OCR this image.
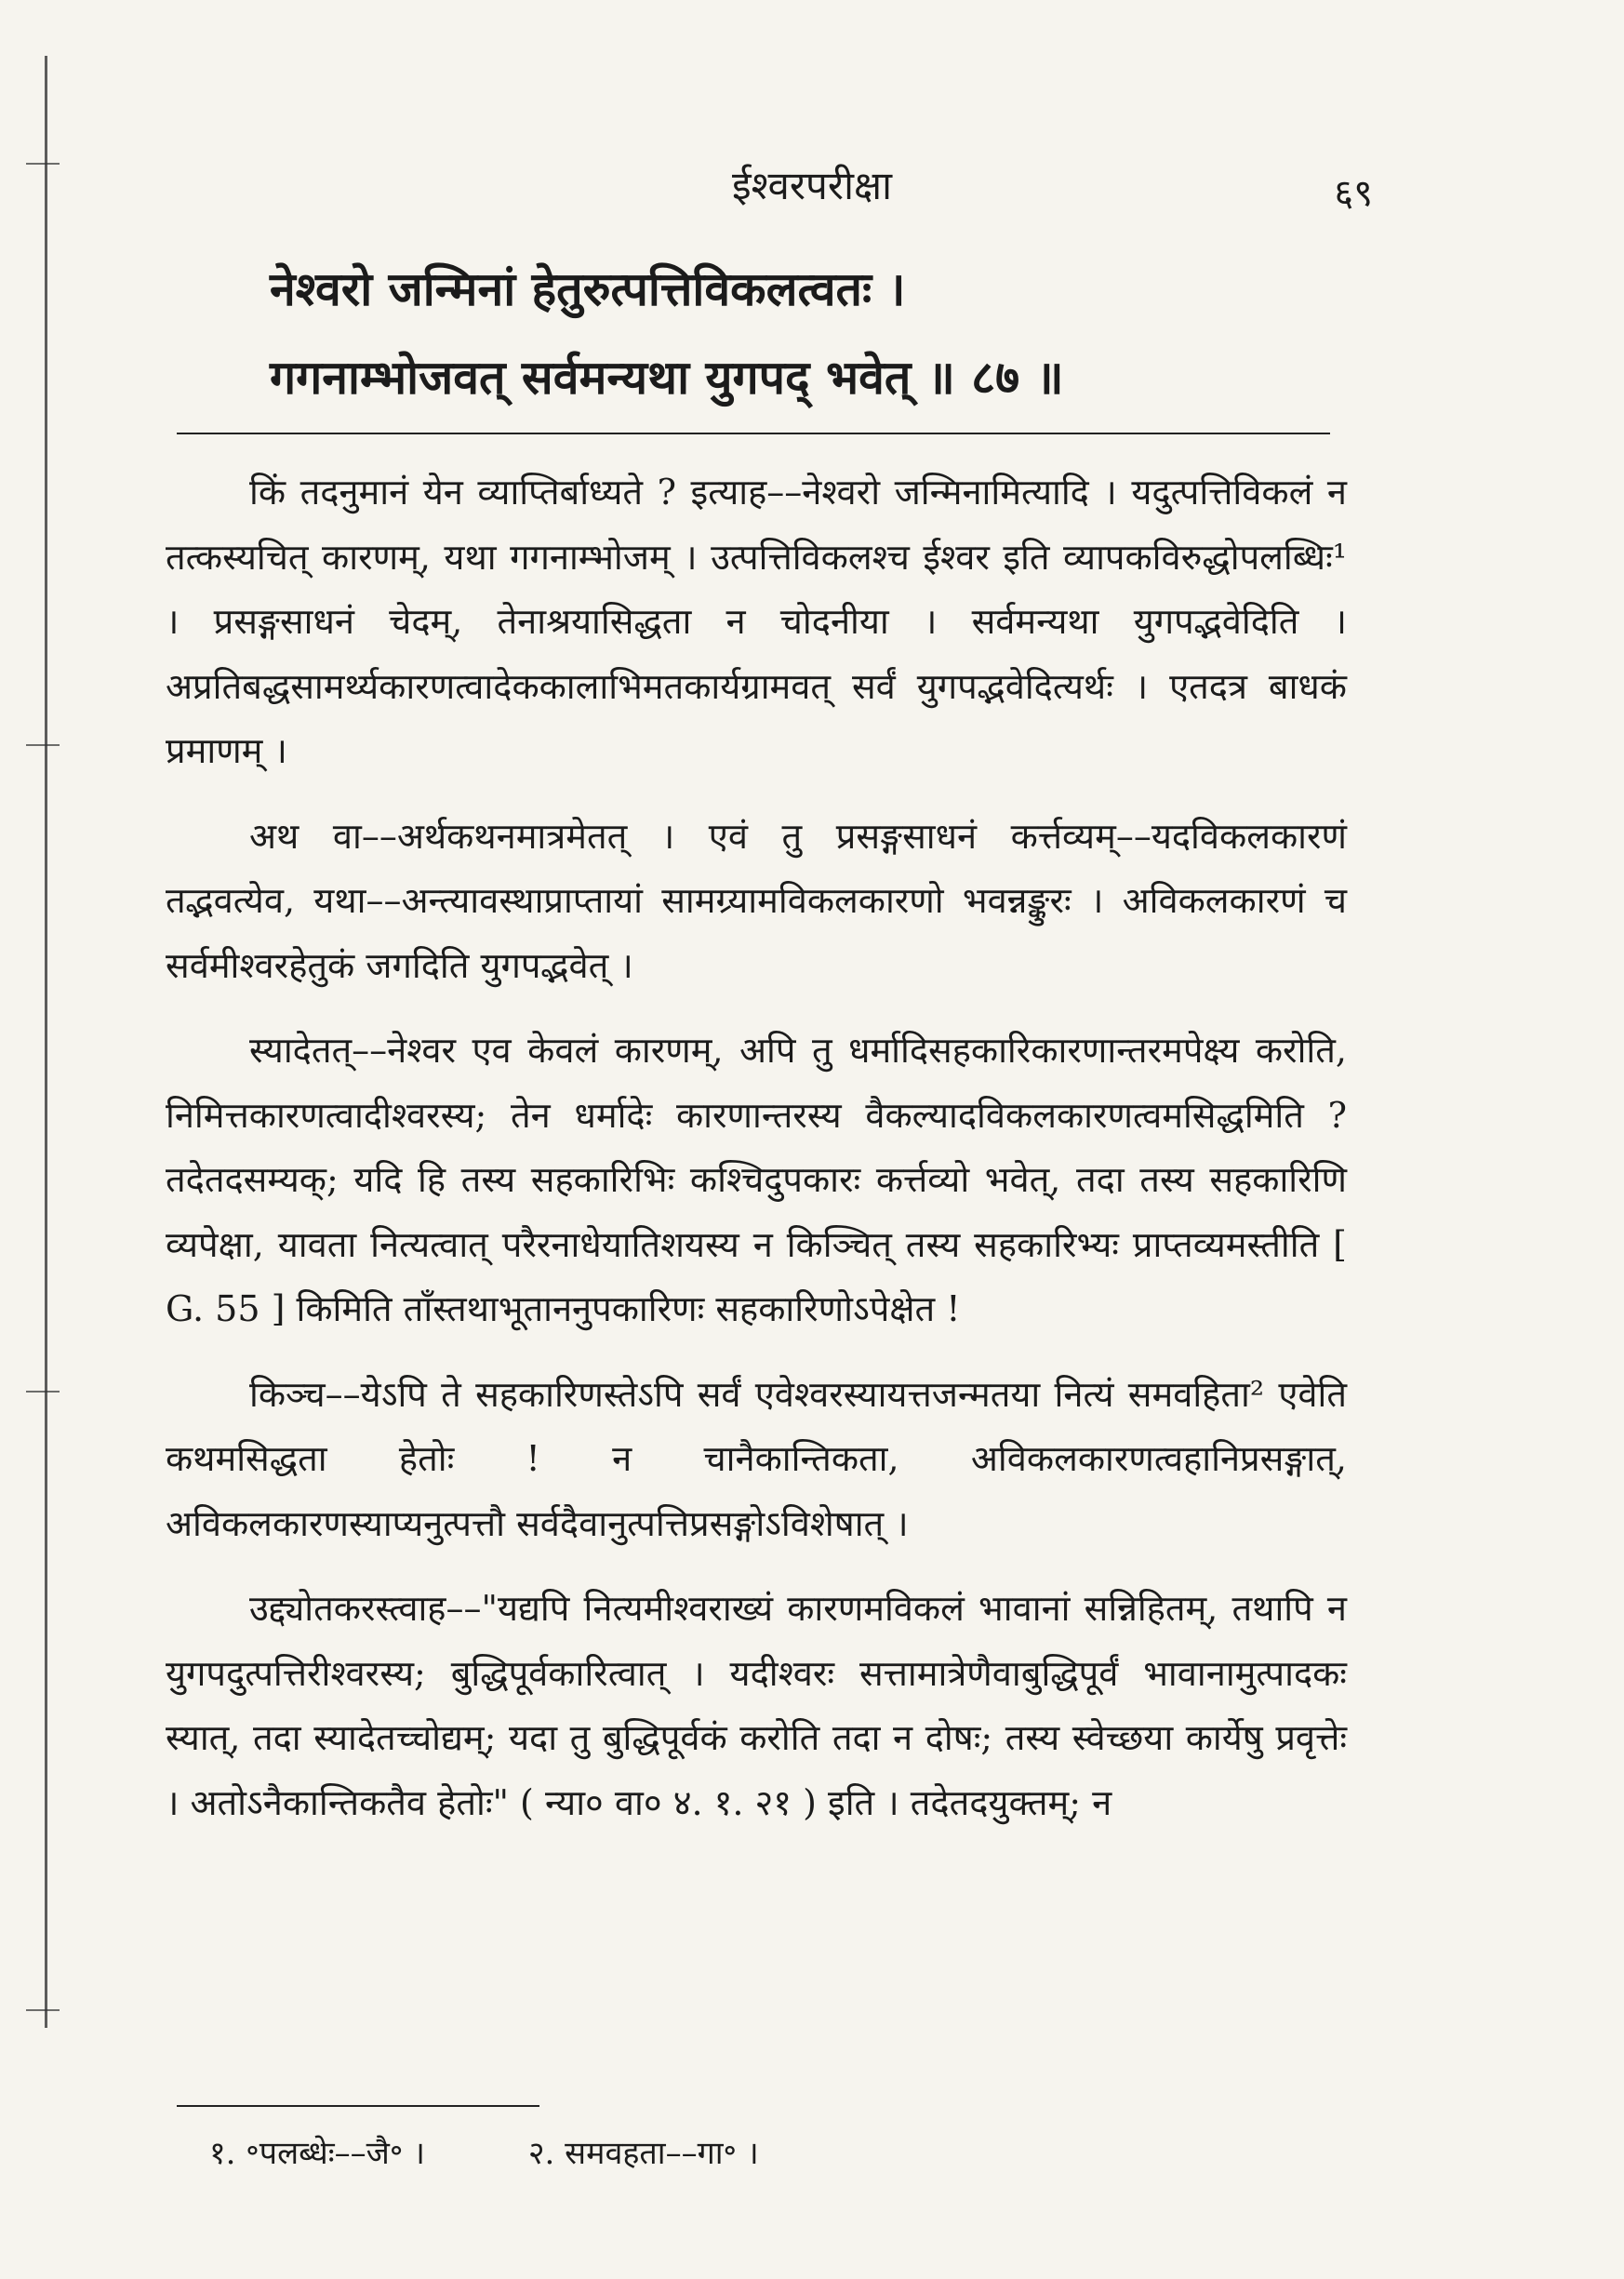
ईश्वरपरीक्षा	६९
नेश्वरो जन्मिनां हेतुरुत्पत्तिविकलत्वतः ।
गगनाम्भोजवत् सर्वमन्यथा युगपद् भवेत् ॥ ८७ ॥

किं तदनुमानं येन व्याप्तिर्बाध्यते ? इत्याह––नेश्वरो जन्मिनामित्यादि । यदुत्पत्तिविकलं न तत्कस्यचित् कारणम्, यथा गगनाम्भोजम् । उत्पत्तिविकलश्च ईश्वर इति व्यापकविरुद्धोपलब्धिः¹ । प्रसङ्गसाधनं चेदम्, तेनाश्रयासिद्धता न चोदनीया । सर्वमन्यथा युगपद्भवेदिति । अप्रतिबद्धसामर्थ्यकारणत्वादेककालाभिमतकार्यग्रामवत् सर्वं युगपद्भवेदित्यर्थः । एतदत्र बाधकं प्रमाणम् ।

अथ वा––अर्थकथनमात्रमेतत् । एवं तु प्रसङ्गसाधनं कर्त्तव्यम्––यदविकलकारणं तद्भवत्येव, यथा––अन्त्यावस्थाप्राप्तायां सामग्र्यामविकलकारणो भवन्नङ्कुरः । अविकलकारणं च सर्वमीश्वरहेतुकं जगदिति युगपद्भवेत् ।

स्यादेतत्––नेश्वर एव केवलं कारणम्, अपि तु धर्मादिसहकारिकारणान्तरमपेक्ष्य करोति, निमित्तकारणत्वादीश्वरस्य; तेन धर्मादेः कारणान्तरस्य वैकल्यादविकलकारणत्वमसिद्धमिति ? तदेतदसम्यक्; यदि हि तस्य सहकारिभिः कश्चिदुपकारः कर्त्तव्यो भवेत्, तदा तस्य सहकारिणि व्यपेक्षा, यावता नित्यत्वात् परैरनाधेयातिशयस्य न किञ्चित् तस्य सहकारिभ्यः प्राप्तव्यमस्तीति [ G. 55 ] किमिति ताँस्तथाभूताननुपकारिणः सहकारिणोऽपेक्षेत !

किञ्च––येऽपि ते सहकारिणस्तेऽपि सर्वं एवेश्वरस्यायत्तजन्मतया नित्यं समवहिता² एवेति कथमसिद्धता हेतोः ! न चानैकान्तिकता, अविकलकारणत्वहानिप्रसङ्गात्, अविकलकारणस्याप्यनुत्पत्तौ सर्वदैवानुत्पत्तिप्रसङ्गोऽविशेषात् ।

उद्द्योतकरस्त्वाह––"यद्यपि नित्यमीश्वराख्यं कारणमविकलं भावानां सन्निहितम्, तथापि न युगपदुत्पत्तिरीश्वरस्य; बुद्धिपूर्वकारित्वात् । यदीश्वरः सत्तामात्रेणैवाबुद्धिपूर्वं भावानामुत्पादकः स्यात्, तदा स्यादेतच्चोद्यम्; यदा तु बुद्धिपूर्वकं करोति तदा न दोषः; तस्य स्वेच्छया कार्येषु प्रवृत्तेः । अतोऽनैकान्तिकतैव हेतोः" ( न्या० वा० ४. १. २१ ) इति । तदेतदयुक्तम्; न

१. ॰पलब्धेः––जै॰ ।	२. समवहता––गा॰ ।
